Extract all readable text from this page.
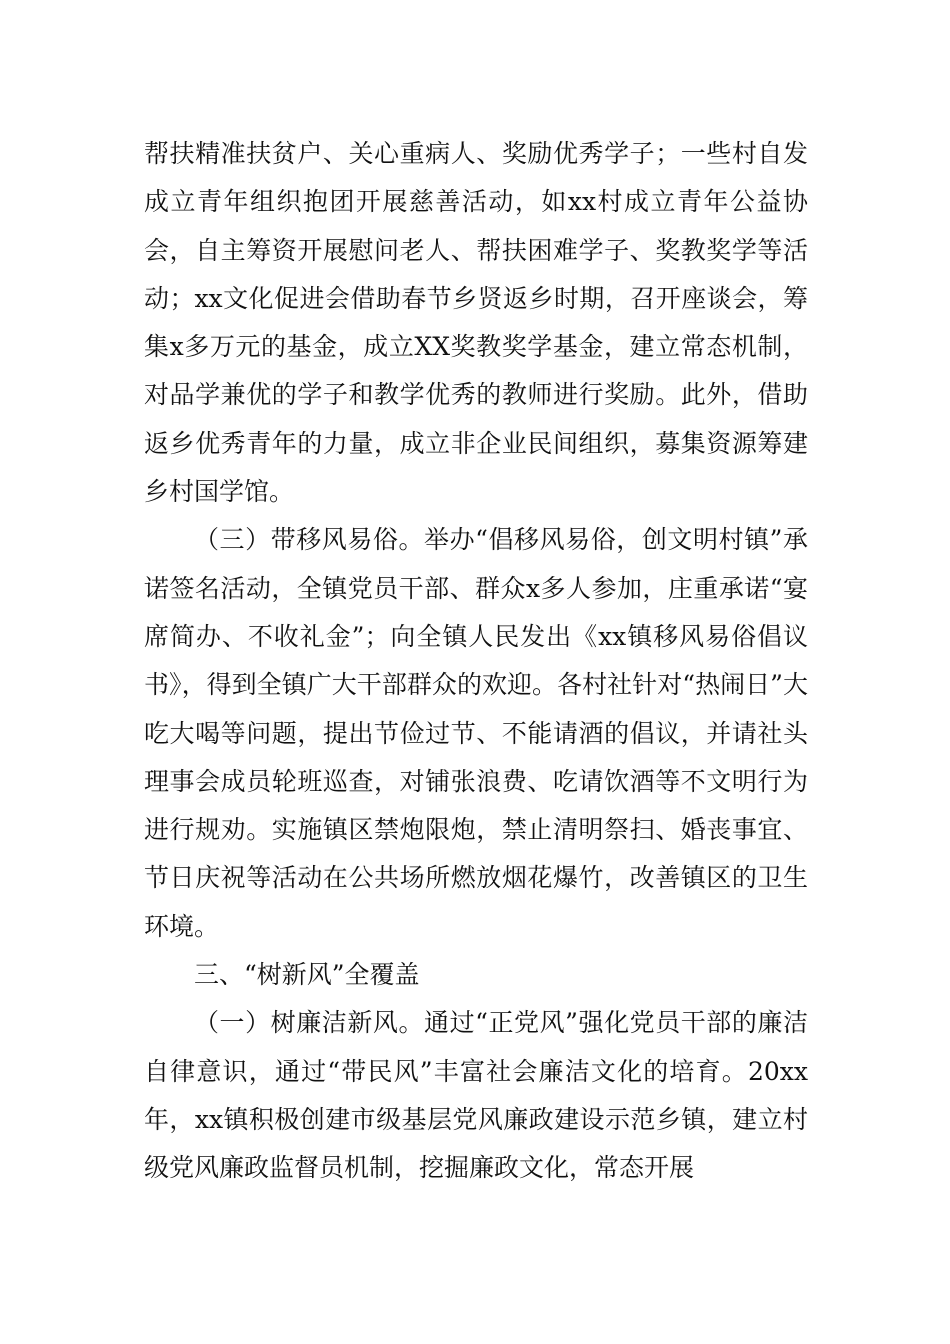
帮扶精准扶贫户、关心重病人、奖励优秀学子；一些村自发成立青年组织抱团开展慈善活动，如xx村成立青年公益协会，自主筹资开展慰问老人、帮扶困难学子、奖教奖学等活动；xx文化促进会借助春节乡贤返乡时期，召开座谈会，筹集x多万元的基金，成立XX奖教奖学基金，建立常态机制，对品学兼优的学子和教学优秀的教师进行奖励。此外，借助返乡优秀青年的力量，成立非企业民间组织，募集资源筹建乡村国学馆。

（三）带移风易俗。举办“倡移风易俗，创文明村镇”承诺签名活动，全镇党员干部、群众x多人参加，庄重承诺“宴席简办、不收礼金”；向全镇人民发出《xx镇移风易俗倡议书》，得到全镇广大干部群众的欢迎。各村社针对“热闹日”大吃大喝等问题，提出节俭过节、不能请酒的倡议，并请社头理事会成员轮班巡查，对铺张浪费、吃请饮酒等不文明行为进行规劝。实施镇区禁炮限炮，禁止清明祭扫、婚丧事宜、节日庆祝等活动在公共场所燃放烟花爆竹，改善镇区的卫生环境。

三、“树新风”全覆盖

（一）树廉洁新风。通过“正党风”强化党员干部的廉洁自律意识，通过“带民风”丰富社会廉洁文化的培育。20xx年，xx镇积极创建市级基层党风廉政建设示范乡镇，建立村级党风廉政监督员机制，挖掘廉政文化，常态开展
